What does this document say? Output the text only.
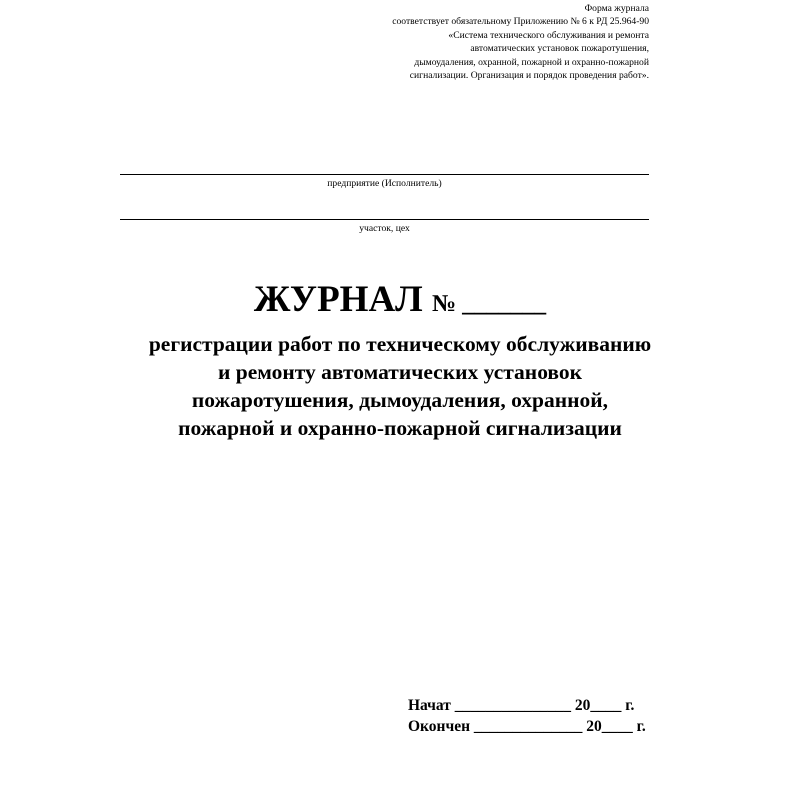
Форма журнала
соответствует обязательному Приложению № 6 к РД 25.964-90
«Система технического обслуживания и ремонта
автоматических установок пожаротушения,
дымоудаления, охранной, пожарной и охранно-пожарной
сигнализации. Организация и порядок проведения работ».
предприятие (Исполнитель)
участок, цех
ЖУРНАЛ № _______
регистрации работ по техническому обслуживанию
и ремонту автоматических установок
пожаротушения, дымоудаления, охранной,
пожарной и охранно-пожарной сигнализации
Начат _______________ 20____ г.
Окончен ______________ 20____ г.
